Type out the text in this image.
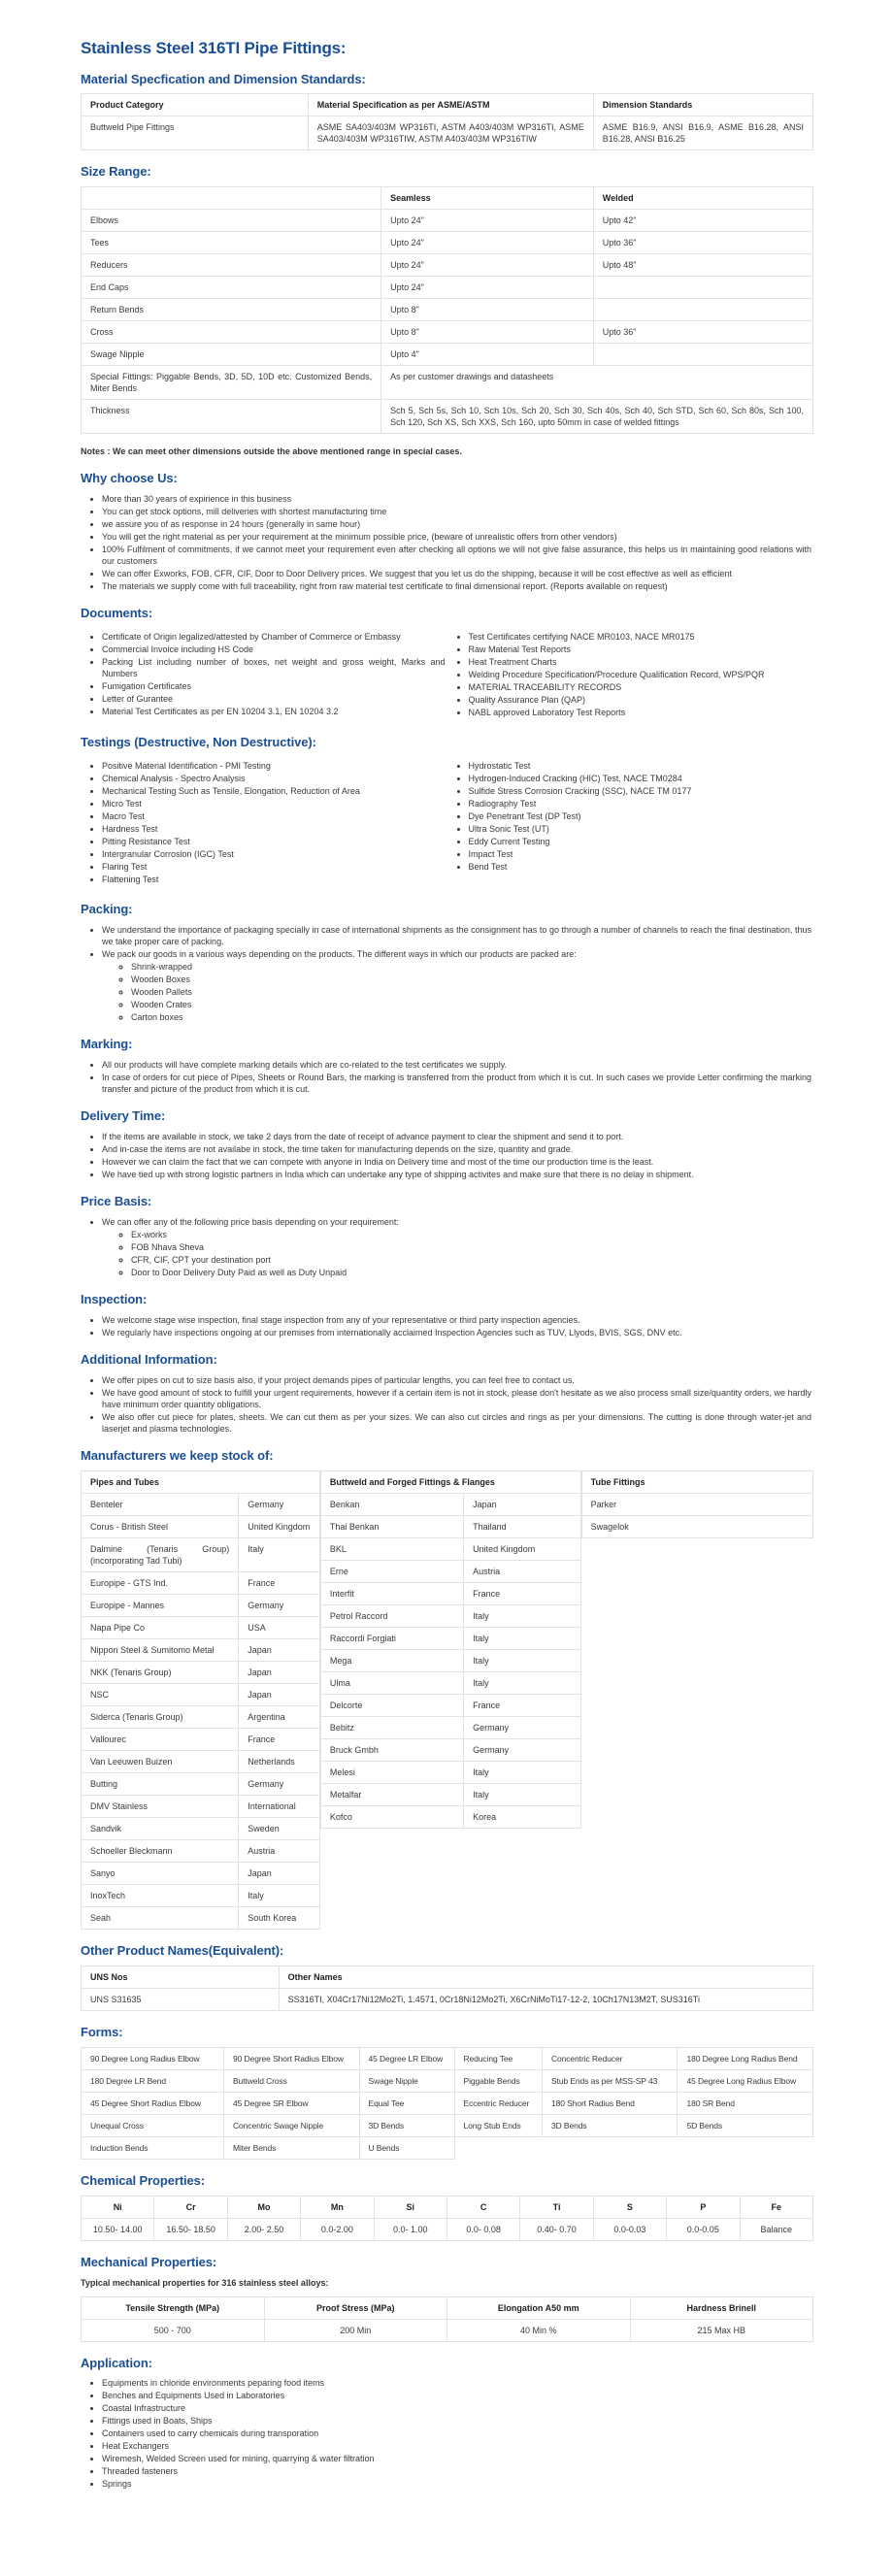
Stainless Steel 316TI Pipe Fittings:
Material Specfication and Dimension Standards:
Product Category	Material Specification as per ASME/ASTM	Dimension Standards
Buttweld Pipe Fittings	ASME SA403/403M WP316TI, ASTM A403/403M WP316TI, ASME SA403/403M WP316TIW, ASTM A403/403M WP316TIW	ASME B16.9, ANSI B16.9, ASME B16.28, ANSI B16.28, ANSI B16.25
Size Range:
	Seamless	Welded
Elbows	Upto 24"	Upto 42"
Tees	Upto 24"	Upto 36"
Reducers	Upto 24"	Upto 48"
End Caps	Upto 24"	
Return Bends	Upto 8"	
Cross	Upto 8"	Upto 36"
Swage Nipple	Upto 4"	
Special Fittings: Piggable Bends, 3D, 5D, 10D etc. Customized Bends, Miter Bends	As per customer drawings and datasheets	
Thickness	Sch 5, Sch 5s, Sch 10, Sch 10s, Sch 20, Sch 30, Sch 40s, Sch 40, Sch STD, Sch 60, Sch 80s, Sch 100, Sch 120, Sch XS, Sch XXS, Sch 160, upto 50mm in case of welded fittings	

Notes : We can meet other dimensions outside the above mentioned range in special cases.

Why choose Us:
• More than 30 years of expirience in this business
• You can get stock options, mill deliveries with shortest manufacturing time
• we assure you of as response in 24 hours (generally in same hour)
• You will get the right material as per your requirement at the minimum possible price, (beware of unrealistic offers from other vendors)
• 100% Fulfilment of commitments, if we cannot meet your requirement even after checking all options we will not give false assurance, this helps us in maintaining good relations with our customers
• We can offer Exworks, FOB, CFR, CIF, Door to Door Delivery prices. We suggest that you let us do the shipping, because it will be cost effective as well as efficient
• The materials we supply come with full traceability, right from raw material test certificate to final dimensional report. (Reports available on request)
Documents:
• Certificate of Origin legalized/attested by Chamber of Commerce or Embassy
• Commercial Invoice including HS Code
• Packing List including number of boxes, net weight and gross weight, Marks and Numbers
• Fumigation Certificates
• Letter of Gurantee
• Material Test Certificates as per EN 10204 3.1, EN 10204 3.2
• Test Certificates certifying NACE MR0103, NACE MR0175
• Raw Material Test Reports
• Heat Treatment Charts
• Welding Procedure Specification/Procedure Qualification Record, WPS/PQR
• MATERIAL TRACEABILITY RECORDS
• Quality Assurance Plan (QAP)
• NABL approved Laboratory Test Reports
Testings (Destructive, Non Destructive):
• Positive Material Identification - PMI Testing
• Chemical Analysis - Spectro Analysis
• Mechanical Testing Such as Tensile, Elongation, Reduction of Area
• Micro Test
• Macro Test
• Hardness Test
• Pitting Resistance Test
• Intergranular Corrosion (IGC) Test
• Flaring Test
• Flattening Test
• Hydrostatic Test
• Hydrogen-Induced Cracking (HIC) Test, NACE TM0284
• Sulfide Stress Corrosion Cracking (SSC), NACE TM 0177
• Radiography Test
• Dye Penetrant Test (DP Test)
• Ultra Sonic Test (UT)
• Eddy Current Testing
• Impact Test
• Bend Test
Packing:
• We understand the importance of packaging specially in case of international shipments as the consignment has to go through a number of channels to reach the final destination, thus we take proper care of packing.
• We pack our goods in a various ways depending on the products. The different ways in which our products are packed are:
◦ Shrink-wrapped
◦ Wooden Boxes
◦ Wooden Pallets
◦ Wooden Crates
◦ Carton boxes
Marking:
• All our products will have complete marking details which are co-related to the test certificates we supply.
• In case of orders for cut piece of Pipes, Sheets or Round Bars, the marking is transferred from the product from which it is cut. In such cases we provide Letter confirming the marking transfer and picture of the product from which it is cut.
Delivery Time:
• If the items are available in stock, we take 2 days from the date of receipt of advance payment to clear the shipment and send it to port.
• And in-case the items are not availabe in stock, the time taken for manufacturing depends on the size, quantity and grade.
• However we can claim the fact that we can compete with anyone in India on Delivery time and most of the time our production time is the least.
• We have tied up with strong logistic partners in India which can undertake any type of shipping activites and make sure that there is no delay in shipment.
Price Basis:
• We can offer any of the following price basis depending on your requirement:
◦ Ex-works
◦ FOB Nhava Sheva
◦ CFR, CIF, CPT your destination port
◦ Door to Door Delivery Duty Paid as well as Duty Unpaid
Inspection:
• We welcome stage wise inspection, final stage inspection from any of your representative or third party inspection agencies.
• We regularly have inspections ongoing at our premises from internationally acclaimed Inspection Agencies such as TUV, Llyods, BVIS, SGS, DNV etc.
Additional Information:
• We offer pipes on cut to size basis also, if your project demands pipes of particular lengths, you can feel free to contact us.
• We have good amount of stock to fulfill your urgent requirements, however if a certain item is not in stock, please don't hesitate as we also process small size/quantity orders, we hardly have minimum order quantity obligations.
• We also offer cut piece for plates, sheets. We can cut them as per your sizes. We can also cut circles and rings as per your dimensions. The cutting is done through water-jet and laserjet and plasma technologies.
Manufacturers we keep stock of:
Pipes and Tubes	
Benteler	Germany
Corus - British Steel	United Kingdom
Dalmine (Tenaris Group) (incorporating Tad Tubi)	Italy
Europipe - GTS Ind.	France
Europipe - Mannes	Germany
Napa Pipe Co	USA
Nippon Steel & Sumitomo Metal	Japan
NKK (Tenaris Group)	Japan
NSC	Japan
Siderca (Tenaris Group)	Argentina
Vallourec	France
Van Leeuwen Buizen	Netherlands
Butting	Germany
DMV Stainless	International
Sandvik	Sweden
Schoeller Bleckmann	Austria
Sanyo	Japan
InoxTech	Italy
Seah	South Korea
Buttweld and Forged Fittings & Flanges	
Benkan	Japan
Thai Benkan	Thailand
BKL	United Kingdom
Erne	Austria
Interfit	France
Petrol Raccord	Italy
Raccordi Forgiati	Italy
Mega	Italy
Ulma	Italy
Delcorte	France
Bebitz	Germany
Bruck Gmbh	Germany
Melesi	Italy
Metalfar	Italy
Kofco	Korea
Tube Fittings
Parker
Swagelok
Other Product Names(Equivalent):
UNS Nos	Other Names
UNS S31635	SS316TI, X04Cr17Ni12Mo2Ti, 1.4571, 0Cr18Ni12Mo2Ti, X6CrNiMoTi17-12-2, 10Ch17N13M2T, SUS316Ti
Forms:
90 Degree Long Radius Elbow	90 Degree Short Radius Elbow	45 Degree LR Elbow	Reducing Tee	Concentric Reducer	180 Degree Long Radius Bend
180 Degree LR Bend	Buttweld Cross	Swage Nipple	Piggable Bends	Stub Ends as per MSS-SP 43	45 Degree Long Radius Elbow
45 Degree Short Radius Elbow	45 Degree SR Elbow	Equal Tee	Eccentric Reducer	180 Short Radius Bend	180 SR Bend
Unequal Cross	Concentric Swage Nipple	3D Bends	Long Stub Ends	3D Bends	5D Bends
Induction Bends	Miter Bends	U Bends			
Chemical Properties:
Ni	Cr	Mo	Mn	Si	C	Ti	S	P	Fe
10.50- 14.00	16.50- 18.50	2.00- 2.50	0.0-2.00	0.0- 1.00	0.0- 0.08	0.40- 0.70	0.0-0.03	0.0-0.05	Balance
Mechanical Properties:

Typical mechanical properties for 316 stainless steel alloys:

Tensile Strength (MPa)	Proof Stress (MPa)	Elongation A50 mm	Hardness Brinell
500 - 700	200 Min	40 Min %	215 Max HB
Application:
• Equipments in chloride environments peparing food items
• Benches and Equipments Used in Laboratories
• Coastal Infrastructure
• Fittings used in Boats, Ships
• Containers used to carry chemicals during transporation
• Heat Exchangers
• Wiremesh, Welded Screen used for mining, quarrying & water filtration
• Threaded fasteners
• Springs
